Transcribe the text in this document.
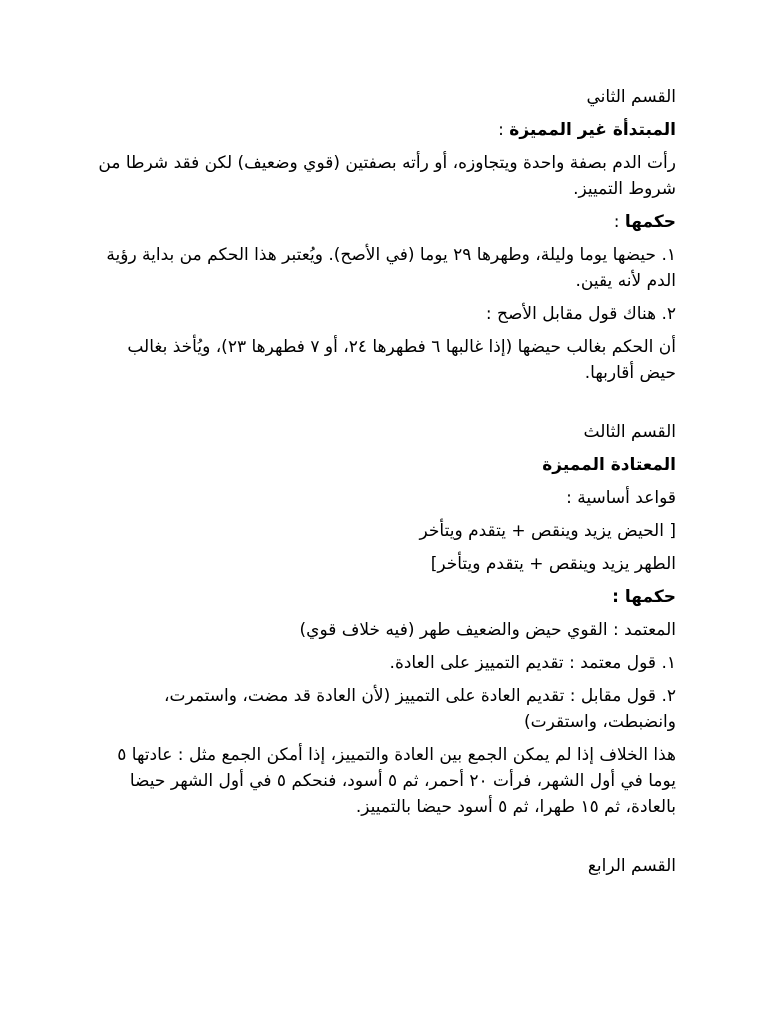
القسم الثاني

المبتدأة غير المميزة :

رأت الدم بصفة واحدة ويتجاوزه، أو رأته بصفتين (قوي وضعيف) لكن فقد شرطا من شروط التمييز.

حكمها :

١. حيضها يوما وليلة، وطهرها ٢٩ يوما (في الأصح). ويُعتبر هذا الحكم من بداية رؤية الدم لأنه يقين.

٢. هناك قول مقابل الأصح :

أن الحكم بغالب حيضها (إذا غالبها ٦ فطهرها ٢٤، أو ٧ فطهرها ٢٣)، ويُأخذ بغالب حيض أقاربها.

القسم الثالث

المعتادة المميزة

قواعد أساسية :

[ الحيض يزيد وينقص + يتقدم ويتأخر

الطهر يزيد وينقص + يتقدم ويتأخر]

حكمها :

المعتمد : القوي حيض والضعيف طهر (فيه خلاف قوي)

١. قول معتمد : تقديم التمييز على العادة.

٢. قول مقابل : تقديم العادة على التمييز (لأن العادة قد مضت، واستمرت، وانضبطت، واستقرت)

هذا الخلاف إذا لم يمكن الجمع بين العادة والتمييز، إذا أمكن الجمع مثل : عادتها ٥ يوما في أول الشهر، فرأت ٢٠ أحمر، ثم ٥ أسود، فنحكم ٥ في أول الشهر حيضا بالعادة، ثم ١٥ طهرا، ثم ٥ أسود حيضا بالتمييز.

القسم الرابع
